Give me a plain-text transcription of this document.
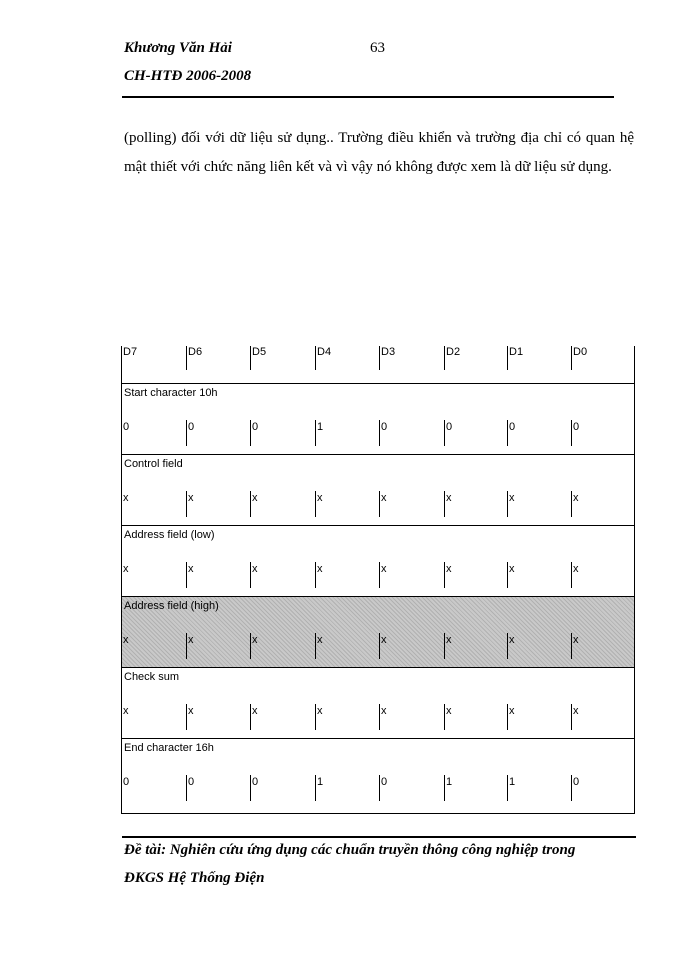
Khương Văn Hải	63
CH-HTĐ 2006-2008

(polling) đối với dữ liệu sử dụng.. Trường điều khiển và trường địa chỉ có quan hệ mật thiết với chức năng liên kết và vì vậy nó không được xem là dữ liệu sử dụng.

D7	D6	D5	D4	D3	D2	D1	D0
Start character 10h
0	0	0	1	0	0	0	0
Control field
x	x	x	x	x	x	x	x
Address field (low)
x	x	x	x	x	x	x	x
Address field (high)
x	x	x	x	x	x	x	x
Check sum
x	x	x	x	x	x	x	x
End character 16h
0	0	0	1	0	1	1	0
Đề tài: Nghiên cứu ứng dụng các chuẩn truyền thông công nghiệp trong
ĐKGS Hệ Thống Điện
